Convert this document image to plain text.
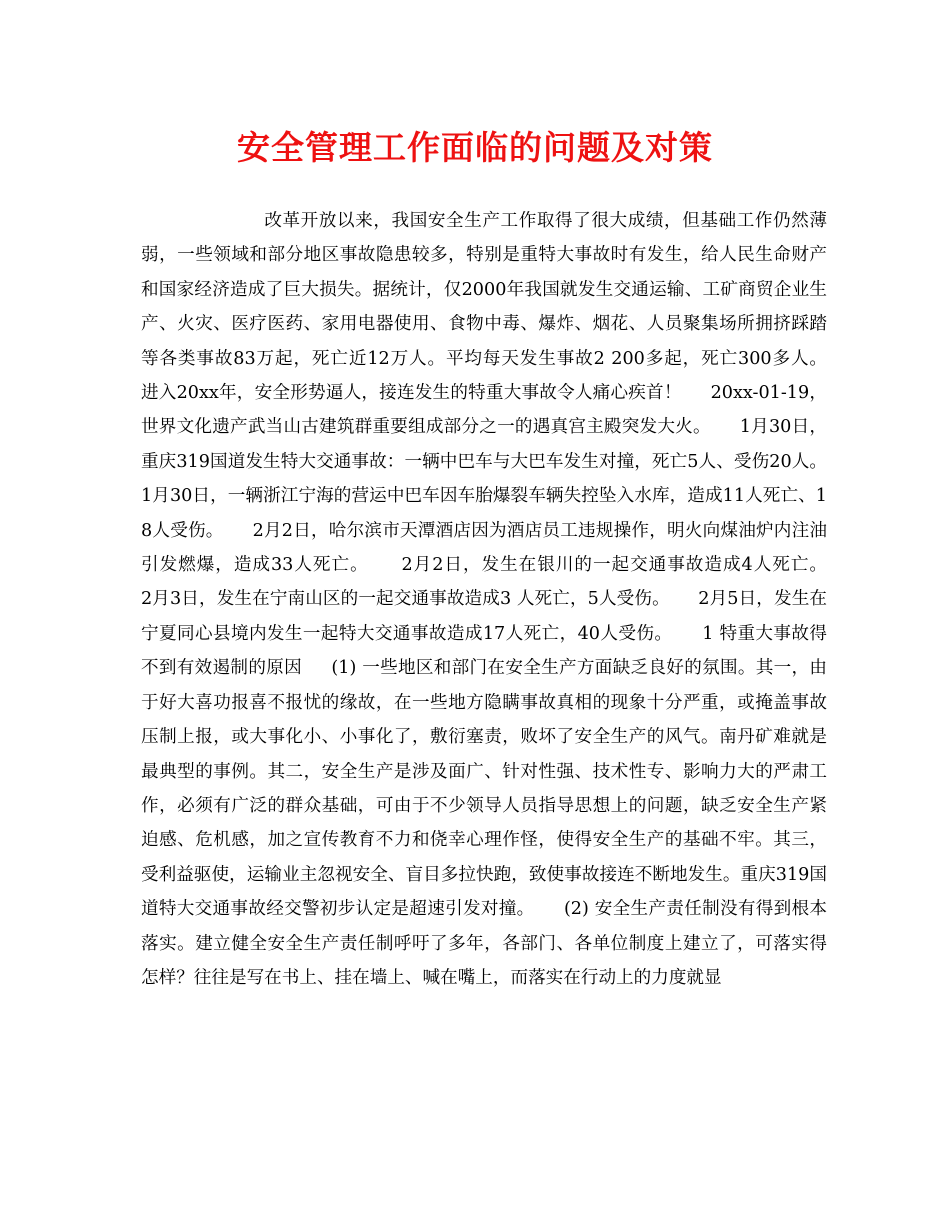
安全管理工作面临的问题及对策

改革开放以来，我国安全生产工作取得了很大成绩，但基础工作仍然薄弱，一些领域和部分地区事故隐患较多，特别是重特大事故时有发生，给人民生命财产和国家经济造成了巨大损失。据统计，仅2000年我国就发生交通运输、工矿商贸企业生产、火灾、医疗医药、家用电器使用、食物中毒、爆炸、烟花、人员聚集场所拥挤踩踏等各类事故83万起，死亡近12万人。平均每天发生事故2 200多起，死亡300多人。     进入20xx年，安全形势逼人，接连发生的特重大事故令人痛心疾首！     20xx-01-19，世界文化遗产武当山古建筑群重要组成部分之一的遇真宫主殿突发大火。     1月30日，重庆319国道发生特大交通事故：一辆中巴车与大巴车发生对撞，死亡5人、受伤20人。     1月30日，一辆浙江宁海的营运中巴车因车胎爆裂车辆失控坠入水库，造成11人死亡、18人受伤。     2月2日，哈尔滨市天潭酒店因为酒店员工违规操作，明火向煤油炉内注油引发燃爆，造成33人死亡。     2月2日，发生在银川的一起交通事故造成4人死亡。     2月3日，发生在宁南山区的一起交通事故造成3 人死亡，5人受伤。     2月5日，发生在宁夏同心县境内发生一起特大交通事故造成17人死亡，40人受伤。     1 特重大事故得不到有效遏制的原因     (1) 一些地区和部门在安全生产方面缺乏良好的氛围。其一，由于好大喜功报喜不报忧的缘故，在一些地方隐瞒事故真相的现象十分严重，或掩盖事故压制上报，或大事化小、小事化了，敷衍塞责，败坏了安全生产的风气。南丹矿难就是最典型的事例。其二，安全生产是涉及面广、针对性强、技术性专、影响力大的严肃工作，必须有广泛的群众基础，可由于不少领导人员指导思想上的问题，缺乏安全生产紧迫感、危机感，加之宣传教育不力和侥幸心理作怪，使得安全生产的基础不牢。其三，受利益驱使，运输业主忽视安全、盲目多拉快跑，致使事故接连不断地发生。重庆319国道特大交通事故经交警初步认定是超速引发对撞。     (2) 安全生产责任制没有得到根本落实。建立健全安全生产责任制呼吁了多年，各部门、各单位制度上建立了，可落实得怎样？往往是写在书上、挂在墙上、喊在嘴上，而落实在行动上的力度就显
